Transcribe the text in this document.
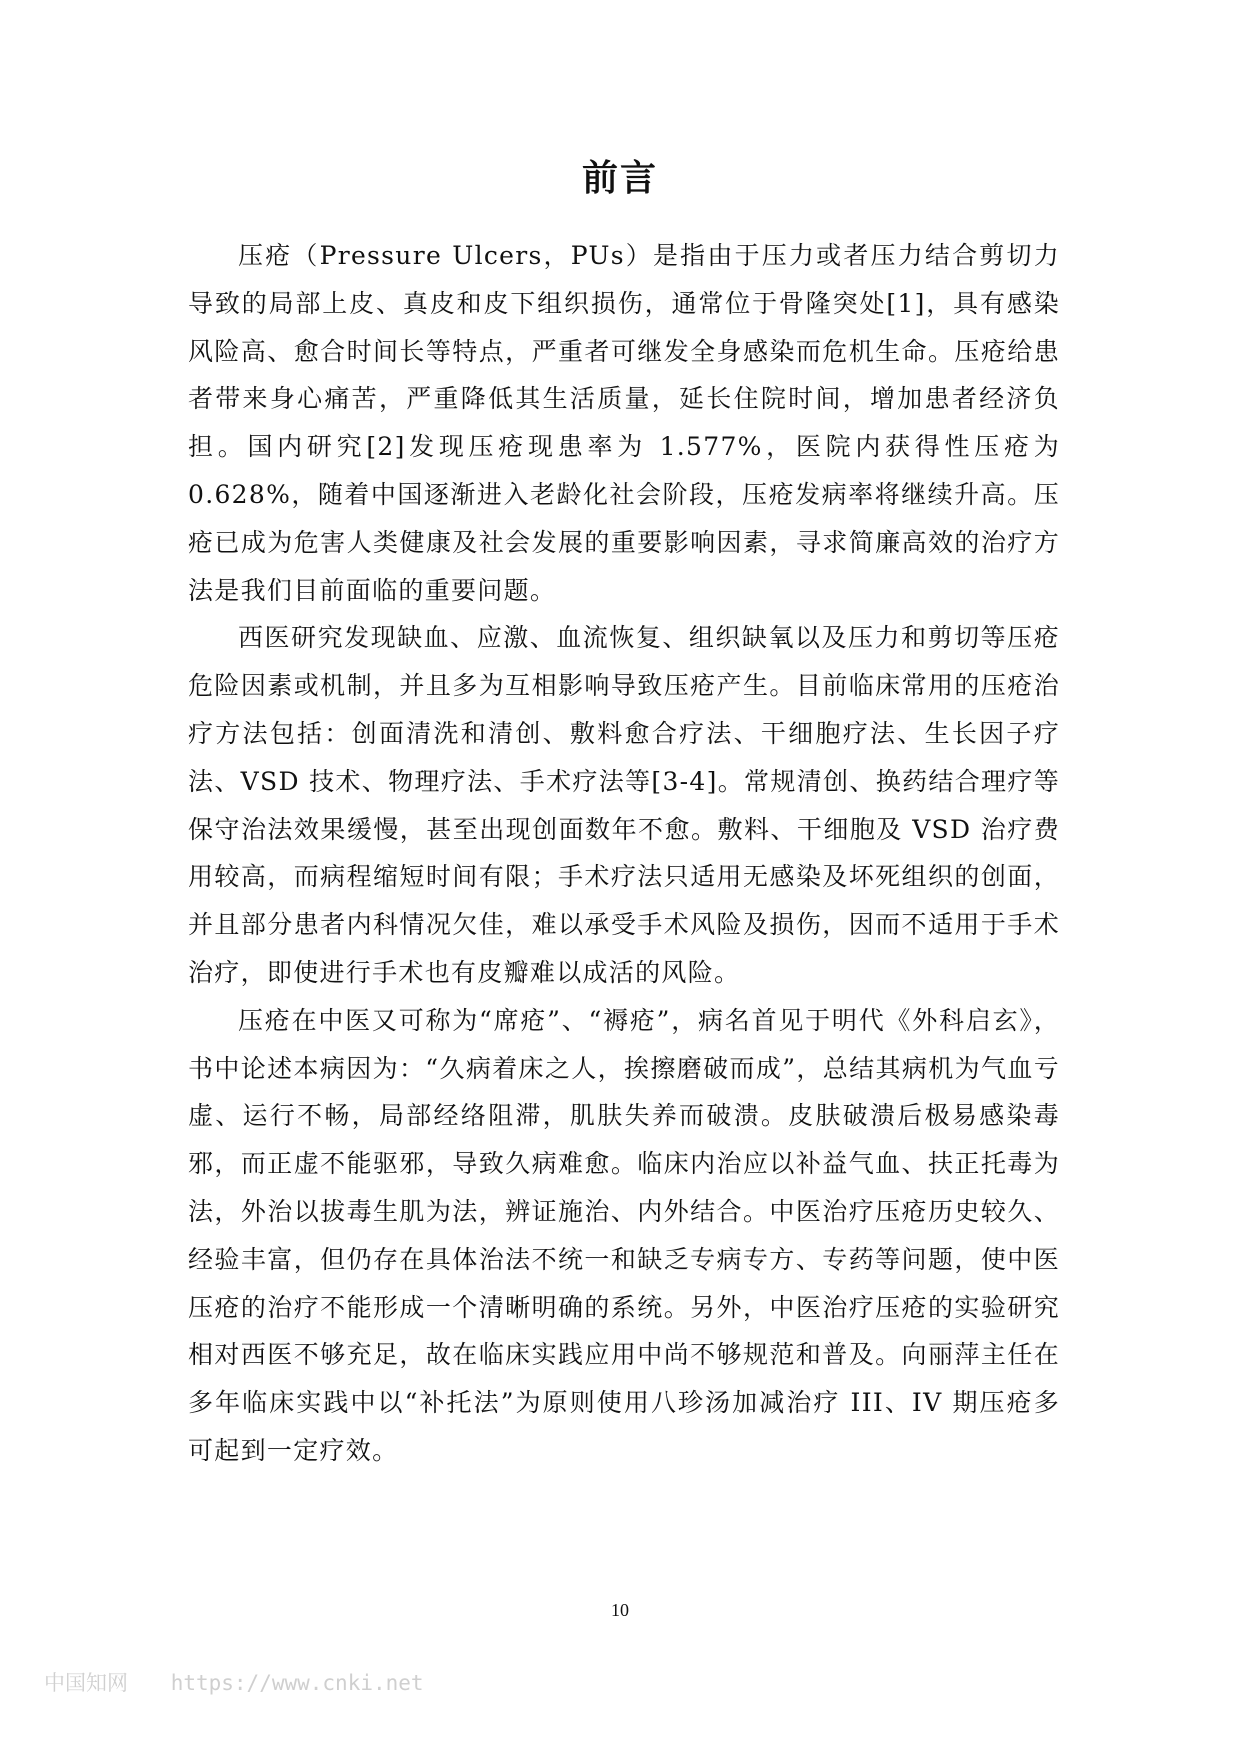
前言

压疮（Pressure Ulcers，PUs）是指由于压力或者压力结合剪切力导致的局部上皮、真皮和皮下组织损伤，通常位于骨隆突处[1]，具有感染风险高、愈合时间长等特点，严重者可继发全身感染而危机生命。压疮给患者带来身心痛苦，严重降低其生活质量，延长住院时间，增加患者经济负担。国内研究[2]发现压疮现患率为 1.577%，医院内获得性压疮为 0.628%，随着中国逐渐进入老龄化社会阶段，压疮发病率将继续升高。压疮已成为危害人类健康及社会发展的重要影响因素，寻求简廉高效的治疗方法是我们目前面临的重要问题。

西医研究发现缺血、应激、血流恢复、组织缺氧以及压力和剪切等压疮危险因素或机制，并且多为互相影响导致压疮产生。目前临床常用的压疮治疗方法包括：创面清洗和清创、敷料愈合疗法、干细胞疗法、生长因子疗法、VSD 技术、物理疗法、手术疗法等[3-4]。常规清创、换药结合理疗等保守治法效果缓慢，甚至出现创面数年不愈。敷料、干细胞及 VSD 治疗费用较高，而病程缩短时间有限；手术疗法只适用无感染及坏死组织的创面，并且部分患者内科情况欠佳，难以承受手术风险及损伤，因而不适用于手术治疗，即使进行手术也有皮瓣难以成活的风险。

压疮在中医又可称为“席疮”、“褥疮”，病名首见于明代《外科启玄》，书中论述本病因为：“久病着床之人，挨擦磨破而成”，总结其病机为气血亏虚、运行不畅，局部经络阻滞，肌肤失养而破溃。皮肤破溃后极易感染毒邪，而正虚不能驱邪，导致久病难愈。临床内治应以补益气血、扶正托毒为法，外治以拔毒生肌为法，辨证施治、内外结合。中医治疗压疮历史较久、经验丰富，但仍存在具体治法不统一和缺乏专病专方、专药等问题，使中医压疮的治疗不能形成一个清晰明确的系统。另外，中医治疗压疮的实验研究相对西医不够充足，故在临床实践应用中尚不够规范和普及。向丽萍主任在多年临床实践中以“补托法”为原则使用八珍汤加减治疗 III、IV 期压疮多可起到一定疗效。

10
中国知网 https://www.cnki.net
